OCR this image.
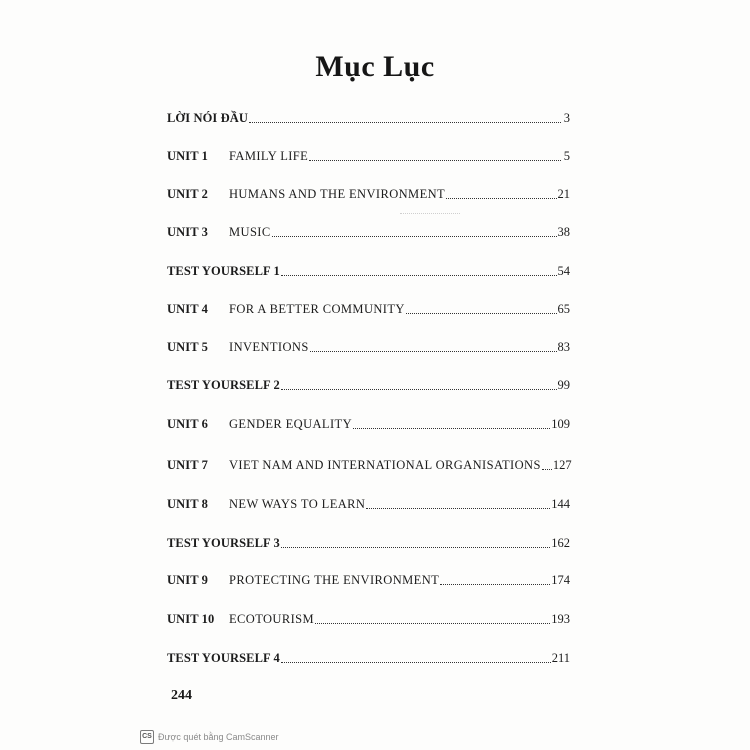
Mục Lục
LỜI NÓI ĐẦU	3
UNIT 1	FAMILY LIFE	5
UNIT 2	HUMANS AND THE ENVIRONMENT	21
UNIT 3	MUSIC	38
TEST YOURSELF 1	54
UNIT 4	FOR A BETTER COMMUNITY	65
UNIT 5	INVENTIONS	83
TEST YOURSELF 2	99
UNIT 6	GENDER EQUALITY	109
UNIT 7	VIET NAM AND INTERNATIONAL ORGANISATIONS 127
UNIT 8	NEW WAYS TO LEARN	144
TEST YOURSELF 3	162
UNIT 9	PROTECTING THE ENVIRONMENT	174
UNIT 10	ECOTOURISM	193
TEST YOURSELF 4	211
244
CS Được quét bằng CamScanner
